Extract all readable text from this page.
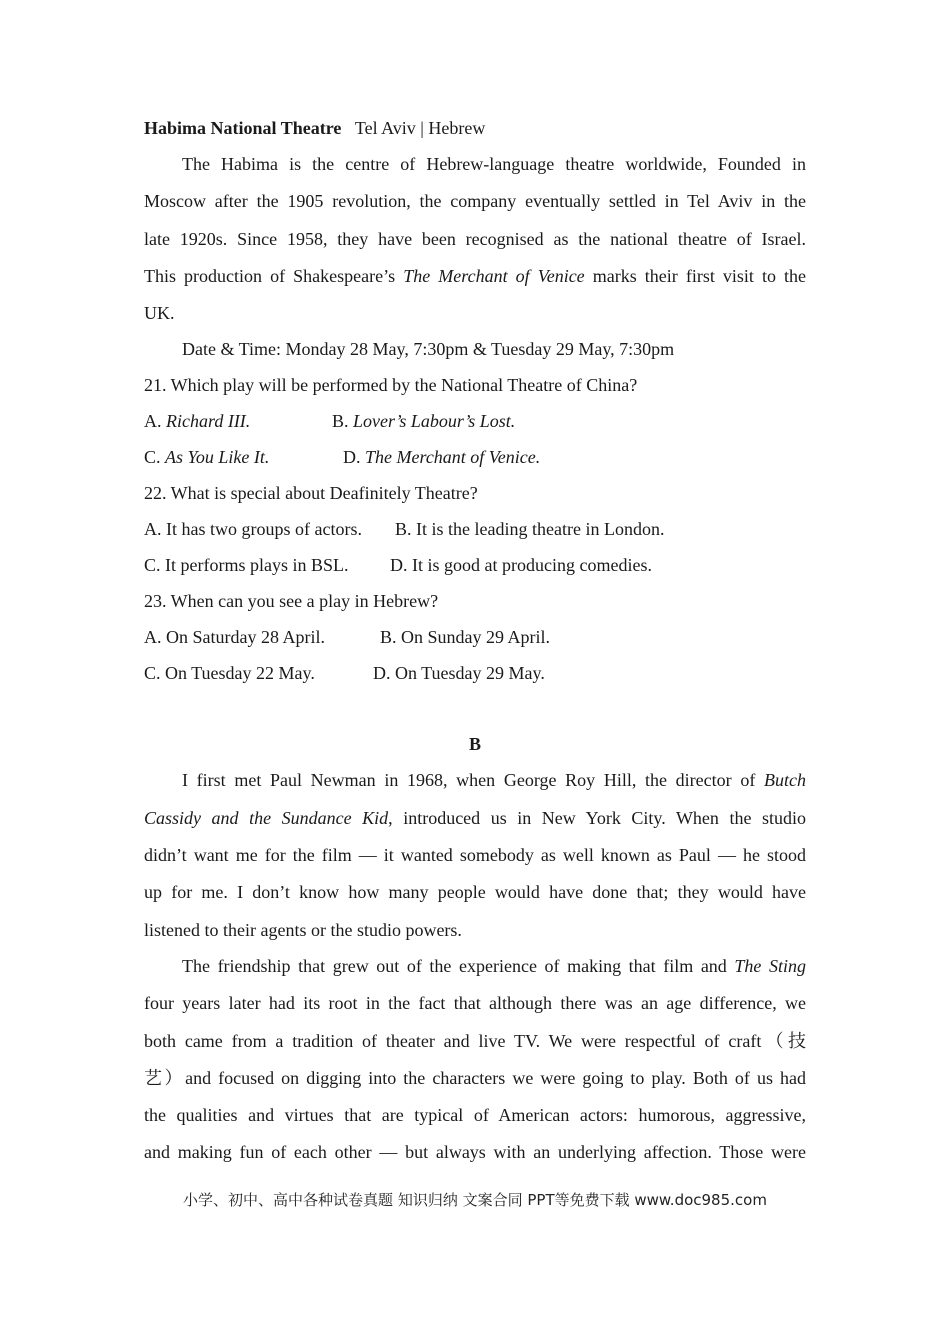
Habima National Theatre Tel Aviv | Hebrew
The Habima is the centre of Hebrew-language theatre worldwide, Founded in
Moscow after the 1905 revolution, the company eventually settled in Tel Aviv in the
late 1920s. Since 1958, they have been recognised as the national theatre of Israel.
This production of Shakespeare’s The Merchant of Venice marks their first visit to the
UK.
Date & Time: Monday 28 May, 7:30pm & Tuesday 29 May, 7:30pm
21. Which play will be performed by the National Theatre of China?
A. Richard III.	B. Lover’s Labour’s Lost.
C. As You Like It.	D. The Merchant of Venice.
22. What is special about Deafinitely Theatre?
A. It has two groups of actors. B. It is the leading theatre in London.
C. It performs plays in BSL. D. It is good at producing comedies.
23. When can you see a play in Hebrew?
A. On Saturday 28 April.	B. On Sunday 29 April.
C. On Tuesday 22 May.	D. On Tuesday 29 May.
B
I first met Paul Newman in 1968, when George Roy Hill, the director of Butch
Cassidy and the Sundance Kid, introduced us in New York City. When the studio
didn’t want me for the film — it wanted somebody as well known as Paul — he stood
up for me. I don’t know how many people would have done that; they would have
listened to their agents or the studio powers.
The friendship that grew out of the experience of making that film and The Sting
four years later had its root in the fact that although there was an age difference, we
both came from a tradition of theater and live TV. We were respectful of craft（技
艺）and focused on digging into the characters we were going to play. Both of us had
the qualities and virtues that are typical of American actors: humorous, aggressive,
and making fun of each other — but always with an underlying affection. Those were
小学、初中、高中各种试卷真题 知识归纳 文案合同 PPT等免费下载 www.doc985.com
